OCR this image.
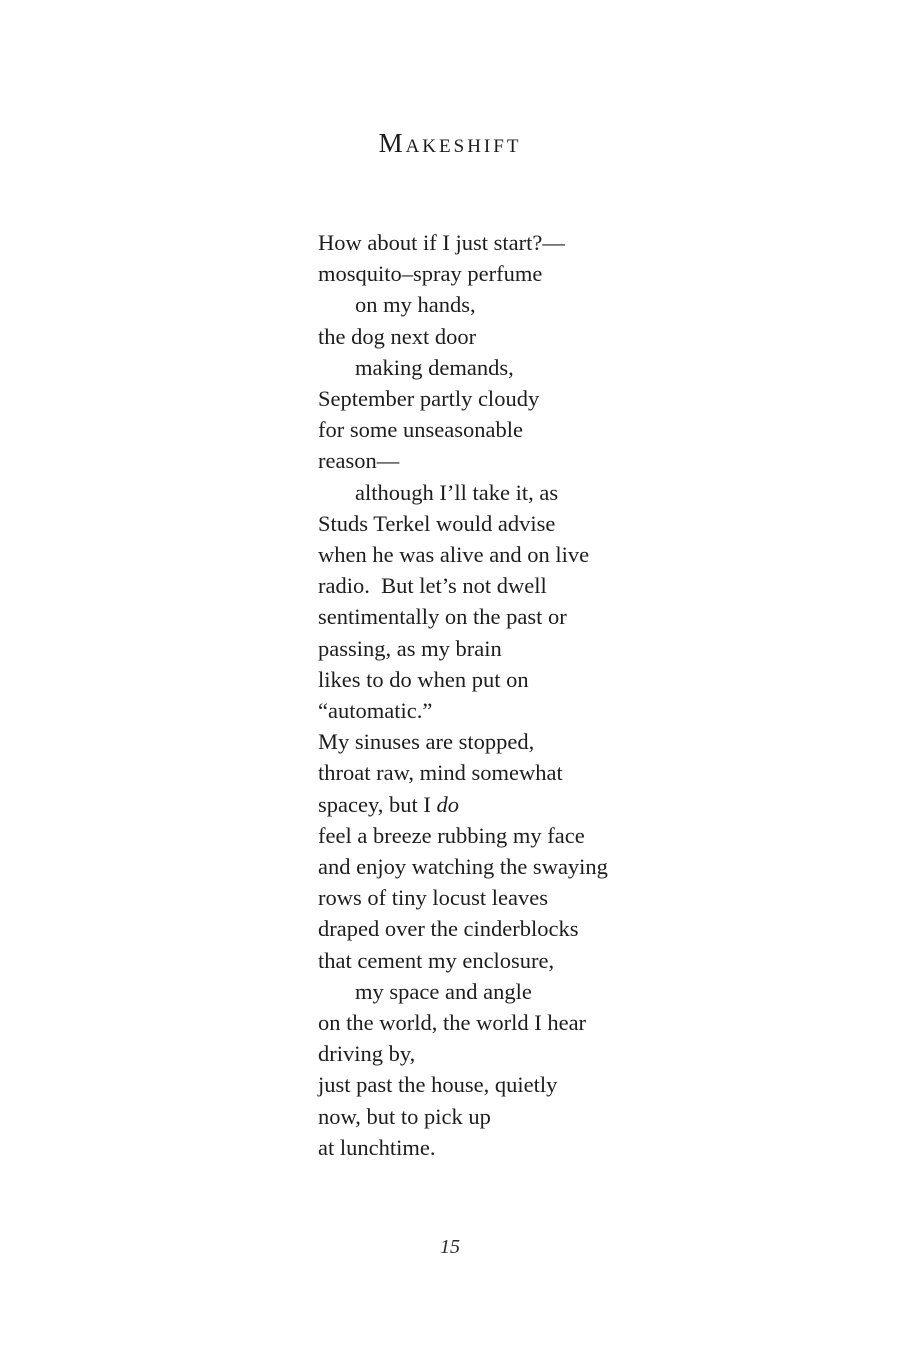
Makeshift
How about if I just start?—
mosquito–spray perfume
on my hands,
the dog next door
making demands,
September partly cloudy
for some unseasonable
reason—
although I’ll take it, as
Studs Terkel would advise
when he was alive and on live
radio.  But let’s not dwell
sentimentally on the past or
passing, as my brain
likes to do when put on
“automatic.”
My sinuses are stopped,
throat raw, mind somewhat
spacey, but I do
feel a breeze rubbing my face
and enjoy watching the swaying
rows of tiny locust leaves
draped over the cinderblocks
that cement my enclosure,
my space and angle
on the world, the world I hear
driving by,
just past the house, quietly
now, but to pick up
at lunchtime.
15
